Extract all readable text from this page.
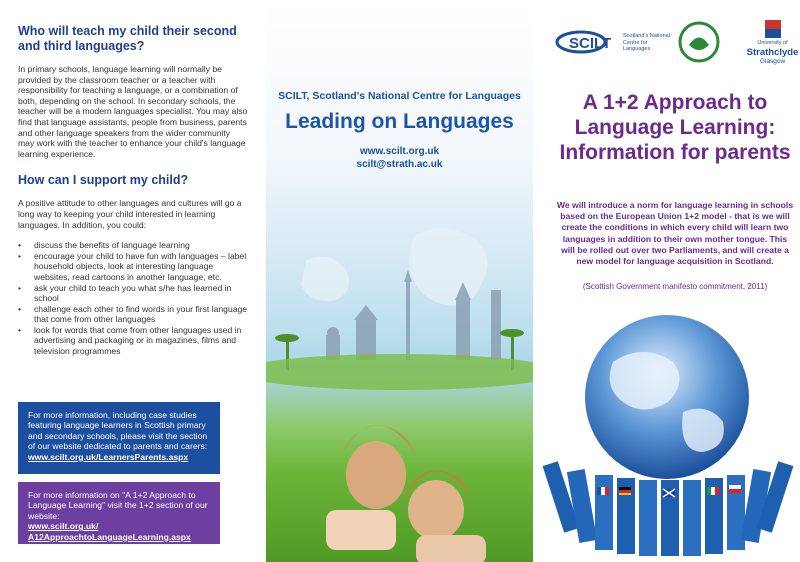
Who will teach my child their second and third languages?
In primary schools, language learning will normally be provided by the classroom teacher or a teacher with responsibility for teaching a language, or a combination of both, depending on the school. In secondary schools, the teacher will be a modern languages specialist. You may also find that language assistants, people from business, parents and other language speakers from the wider community may work with the teacher to enhance your child's language learning experience.
How can I support my child?
A positive attitude to other languages and cultures will go a long way to keeping your child interested in learning languages. In addition, you could:
• discuss the benefits of language learning
• encourage your child to have fun with languages – label household objects, look at interesting language websites, read cartoons in another language, etc.
• ask your child to teach you what s/he has learned in school
• challenge each other to find words in your first language that come from other languages
• look for words that come from other languages used in advertising and packaging or in magazines, films and television programmes
For more information, including case studies featuring language learners in Scottish primary and secondary schools, please visit the section of our website dedicated to parents and carers:
www.scilt.org.uk/LearnersParents.aspx
For more information on "A 1+2 Approach to Language Learning" visit the 1+2 section of our website:
www.scilt.org.uk/
A12ApproachtoLanguageLearning.aspx
SCILT, Scotland's National Centre for Languages
Leading on Languages
www.scilt.org.uk
scilt@strath.ac.uk
SCILT Scotland's National Centre for Languages
University of
Strathclyde
Glasgow
A 1+2 Approach to Language Learning: Information for parents
We will introduce a norm for language learning in schools based on the European Union 1+2 model - that is we will create the conditions in which every child will learn two languages in addition to their own mother tongue. This will be rolled out over two Parliaments, and will create a new model for language acquisition in Scotland.
(Scottish Government manifesto commitment, 2011)
